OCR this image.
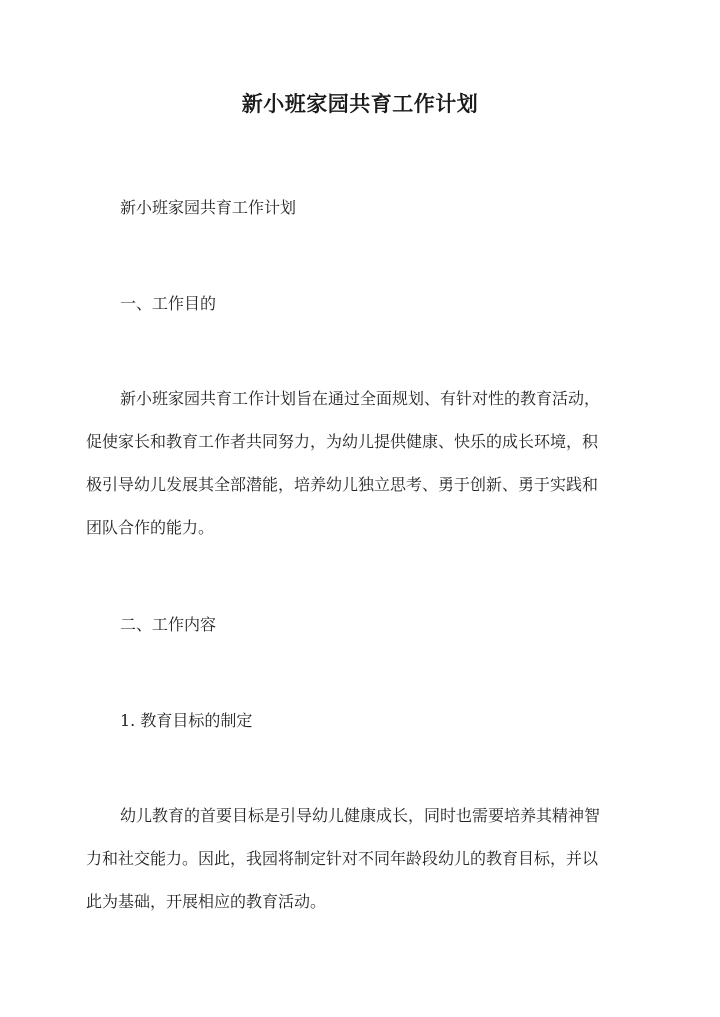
新小班家园共育工作计划
新小班家园共育工作计划
一、工作目的
新小班家园共育工作计划旨在通过全面规划、有针对性的教育活动，
促使家长和教育工作者共同努力，为幼儿提供健康、快乐的成长环境，积
极引导幼儿发展其全部潜能，培养幼儿独立思考、勇于创新、勇于实践和
团队合作的能力。
二、工作内容
1. 教育目标的制定
幼儿教育的首要目标是引导幼儿健康成长，同时也需要培养其精神智
力和社交能力。因此，我园将制定针对不同年龄段幼儿的教育目标，并以
此为基础，开展相应的教育活动。
